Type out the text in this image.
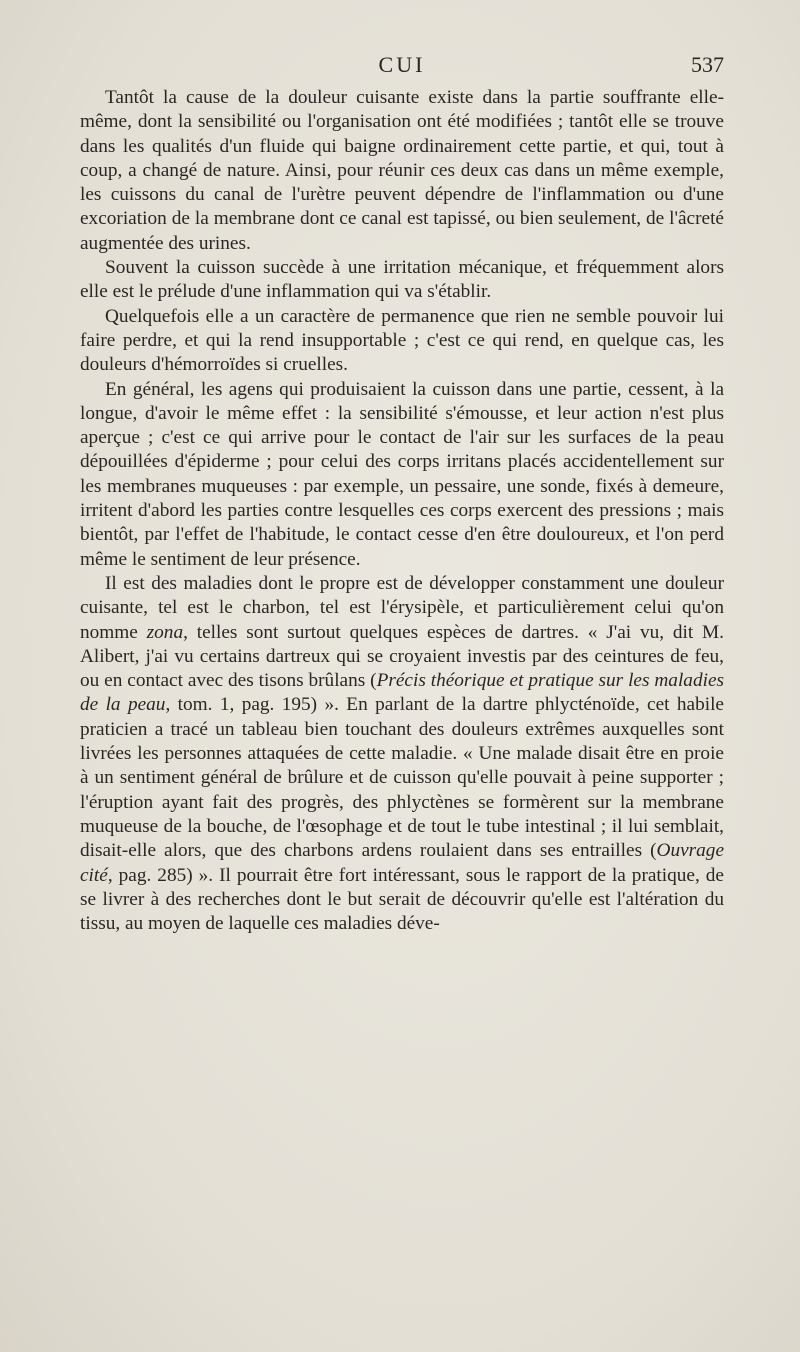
CUI	537

Tantôt la cause de la douleur cuisante existe dans la partie souffrante elle-même, dont la sensibilité ou l'organisation ont été modifiées ; tantôt elle se trouve dans les qualités d'un fluide qui baigne ordinairement cette partie, et qui, tout à coup, a changé de nature. Ainsi, pour réunir ces deux cas dans un même exemple, les cuissons du canal de l'urètre peuvent dépendre de l'inflammation ou d'une excoriation de la membrane dont ce canal est tapissé, ou bien seulement, de l'âcreté augmentée des urines.

Souvent la cuisson succède à une irritation mécanique, et fréquemment alors elle est le prélude d'une inflammation qui va s'établir.

Quelquefois elle a un caractère de permanence que rien ne semble pouvoir lui faire perdre, et qui la rend insupportable ; c'est ce qui rend, en quelque cas, les douleurs d'hémorroïdes si cruelles.

En général, les agens qui produisaient la cuisson dans une partie, cessent, à la longue, d'avoir le même effet : la sensibilité s'émousse, et leur action n'est plus aperçue ; c'est ce qui arrive pour le contact de l'air sur les surfaces de la peau dépouillées d'épiderme ; pour celui des corps irritans placés accidentellement sur les membranes muqueuses : par exemple, un pessaire, une sonde, fixés à demeure, irritent d'abord les parties contre lesquelles ces corps exercent des pressions ; mais bientôt, par l'effet de l'habitude, le contact cesse d'en être douloureux, et l'on perd même le sentiment de leur présence.

Il est des maladies dont le propre est de développer constamment une douleur cuisante, tel est le charbon, tel est l'érysipèle, et particulièrement celui qu'on nomme zona, telles sont surtout quelques espèces de dartres. « J'ai vu, dit M. Alibert, j'ai vu certains dartreux qui se croyaient investis par des ceintures de feu, ou en contact avec des tisons brûlans (Précis théorique et pratique sur les maladies de la peau, tom. 1, pag. 195) ». En parlant de la dartre phlycténoïde, cet habile praticien a tracé un tableau bien touchant des douleurs extrêmes auxquelles sont livrées les personnes attaquées de cette maladie. « Une malade disait être en proie à un sentiment général de brûlure et de cuisson qu'elle pouvait à peine supporter ; l'éruption ayant fait des progrès, des phlyctènes se formèrent sur la membrane muqueuse de la bouche, de l'œsophage et de tout le tube intestinal ; il lui semblait, disait-elle alors, que des charbons ardens roulaient dans ses entrailles (Ouvrage cité, pag. 285) ». Il pourrait être fort intéressant, sous le rapport de la pratique, de se livrer à des recherches dont le but serait de découvrir qu'elle est l'altération du tissu, au moyen de laquelle ces maladies déve-
